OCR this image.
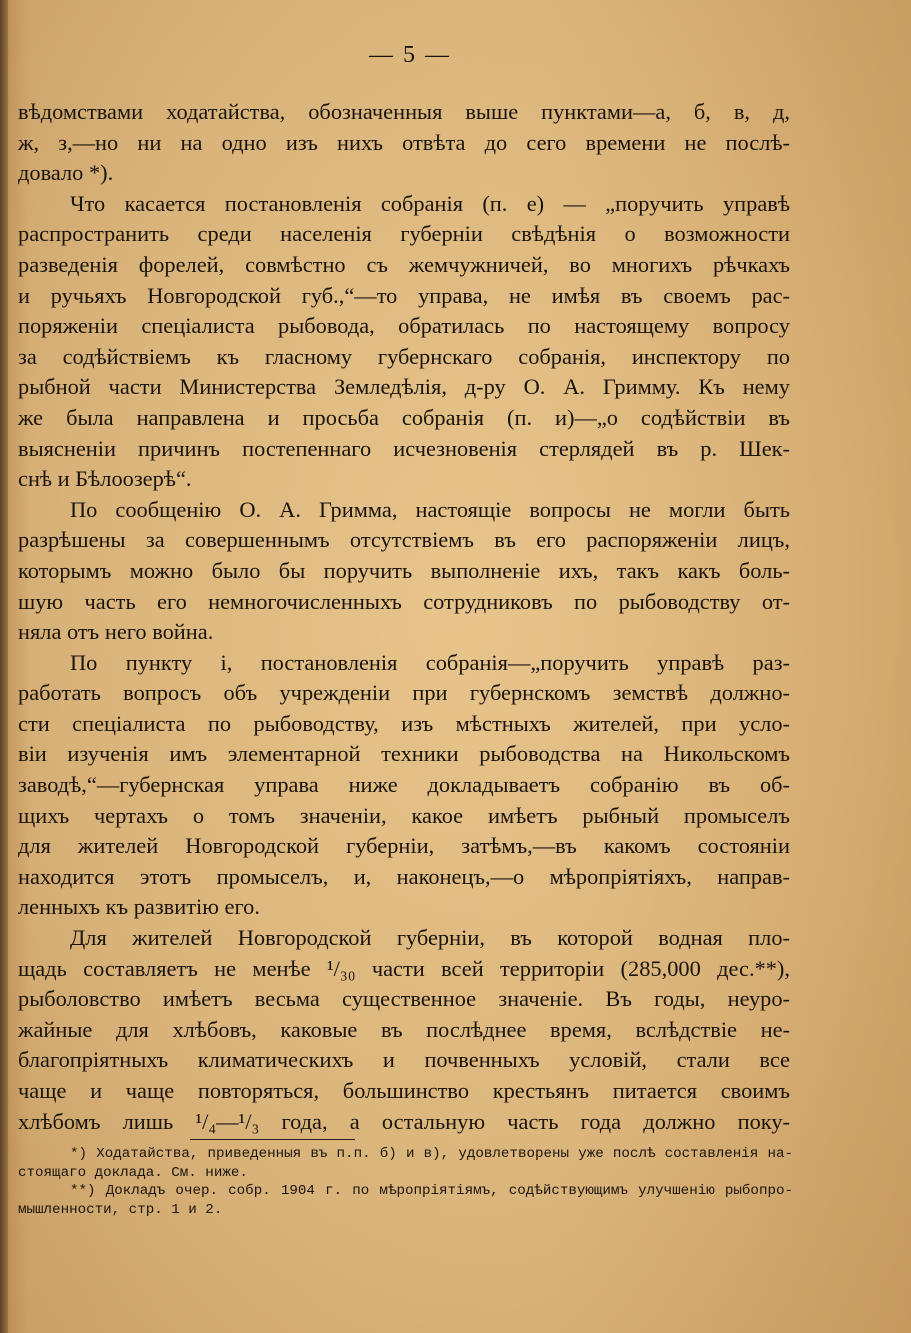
— 5 —
вѣдомствами ходатайства, обозначенныя выше пунктами—а, б, в, д,
ж, з,—но ни на одно изъ нихъ отвѣта до сего времени не послѣ-
довало *).
Что касается постановленія собранія (п. е) — „поручить управѣ
распространить среди населенія губерніи свѣдѣнія о возможности
разведенія форелей, совмѣстно съ жемчужничей, во многихъ рѣчкахъ
и ручьяхъ Новгородской губ.,“—то управа, не имѣя въ своемъ рас-
поряженіи спеціалиста рыбовода, обратилась по настоящему вопросу
за содѣйствіемъ къ гласному губернскаго собранія, инспектору по
рыбной части Министерства Земледѣлія, д-ру О. А. Гримму. Къ нему
же была направлена и просьба собранія (п. и)—„о содѣйствіи въ
выясненіи причинъ постепеннаго исчезновенія стерлядей въ р. Шек-
снѣ и Бѣлоозерѣ“.
По сообщенію О. А. Гримма, настоящіе вопросы не могли быть
разрѣшены за совершеннымъ отсутствіемъ въ его распоряженіи лицъ,
которымъ можно было бы поручить выполненіе ихъ, такъ какъ боль-
шую часть его немногочисленныхъ сотрудниковъ по рыбоводству от-
няла отъ него война.
По пункту і, постановленія собранія—„поручить управѣ раз-
работать вопросъ объ учрежденіи при губернскомъ земствѣ должно-
сти спеціалиста по рыбоводству, изъ мѣстныхъ жителей, при усло-
віи изученія имъ элементарной техники рыбоводства на Никольскомъ
заводѣ,“—губернская управа ниже докладываетъ собранію въ об-
щихъ чертахъ о томъ значеніи, какое имѣетъ рыбный промыселъ
для жителей Новгородской губерніи, затѣмъ,—въ какомъ состояніи
находится этотъ промыселъ, и, наконецъ,—о мѣропріятіяхъ, направ-
ленныхъ къ развитію его.
Для жителей Новгородской губерніи, въ которой водная пло-
щадь составляетъ не менѣе ¹/₃₀ части всей территоріи (285,000 дес.**),
рыболовство имѣетъ весьма существенное значеніе. Въ годы, неуро-
жайные для хлѣбовъ, каковые въ послѣднее время, вслѣдствіе не-
благопріятныхъ климатическихъ и почвенныхъ условій, стали все
чаще и чаще повторяться, большинство крестьянъ питается своимъ
хлѣбомъ лишь ¹/₄—¹/₃ года, а остальную часть года должно поку-
*) Ходатайства, приведенныя въ п.п. б) и в), удовлетворены уже послѣ составленія на-
стоящаго доклада. См. ниже.
**) Докладъ очер. собр. 1904 г. по мѣропріятіямъ, содѣйствующимъ улучшенію рыбопро-
мышленности, стр. 1 и 2.
